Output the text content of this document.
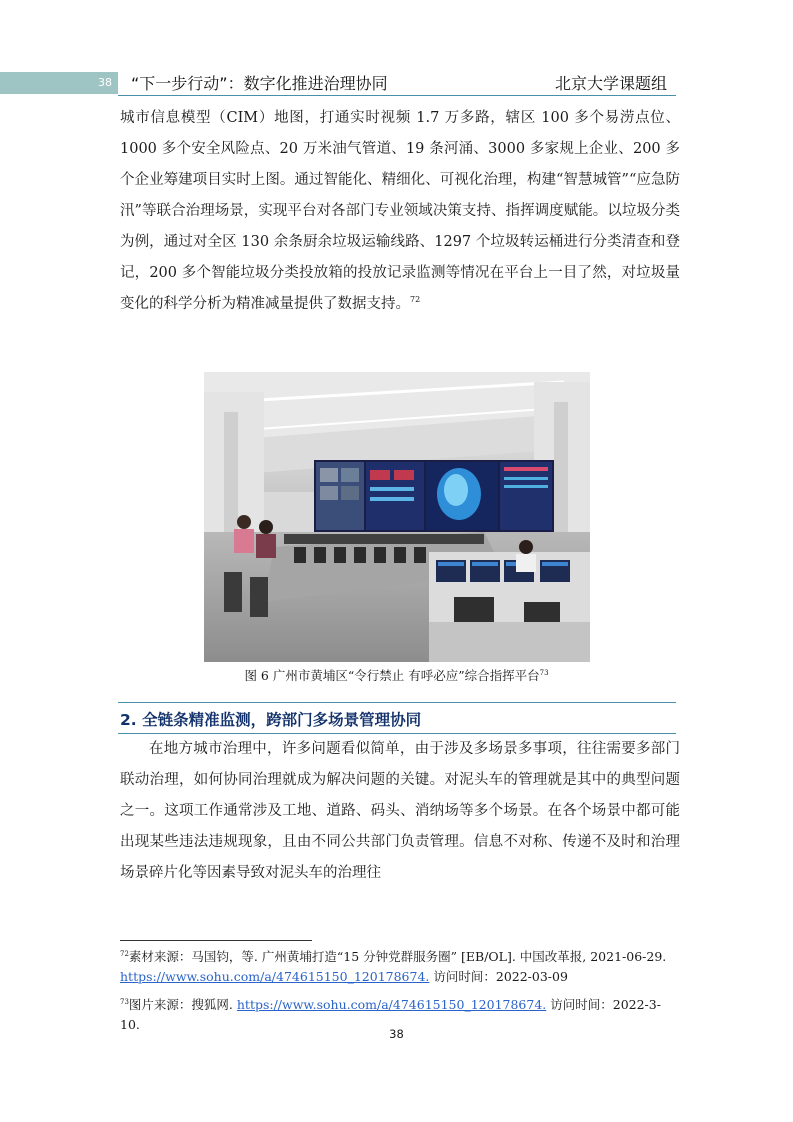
38	“下一步行动”：数字化推进治理协同	北京大学课题组

城市信息模型（CIM）地图，打通实时视频 1.7 万多路，辖区 100 多个易涝点位、1000 多个安全风险点、20 万米油气管道、19 条河涌、3000 多家规上企业、200 多个企业筹建项目实时上图。通过智能化、精细化、可视化治理，构建“智慧城管”“应急防汛”等联合治理场景，实现平台对各部门专业领域决策支持、指挥调度赋能。以垃圾分类为例，通过对全区 130 余条厨余垃圾运输线路、1297 个垃圾转运桶进行分类清查和登记，200 多个智能垃圾分类投放箱的投放记录监测等情况在平台上一目了然，对垃圾量变化的科学分析为精准减量提供了数据支持。$^{72}$

图 6 广州市黄埔区“令行禁止 有呼必应”综合指挥平台$^{73}$
2. 全链条精准监测，跨部门多场景管理协同

在地方城市治理中，许多问题看似简单，由于涉及多场景多事项，往往需要多部门联动治理，如何协同治理就成为解决问题的关键。对泥头车的管理就是其中的典型问题之一。这项工作通常涉及工地、道路、码头、消纳场等多个场景。在各个场景中都可能出现某些违法违规现象，且由不同公共部门负责管理。信息不对称、传递不及时和治理场景碎片化等因素导致对泥头车的治理往

$^{72}$素材来源：马国钧，等. 广州黄埔打造“15 分钟党群服务圈” [EB/OL]. 中国改革报, 2021-06-29. https://www.sohu.com/a/474615150_120178674. 访问时间：2022-03-09
$^{73}$图片来源：搜狐网. https://www.sohu.com/a/474615150_120178674. 访问时间：2022-3-10.
38
